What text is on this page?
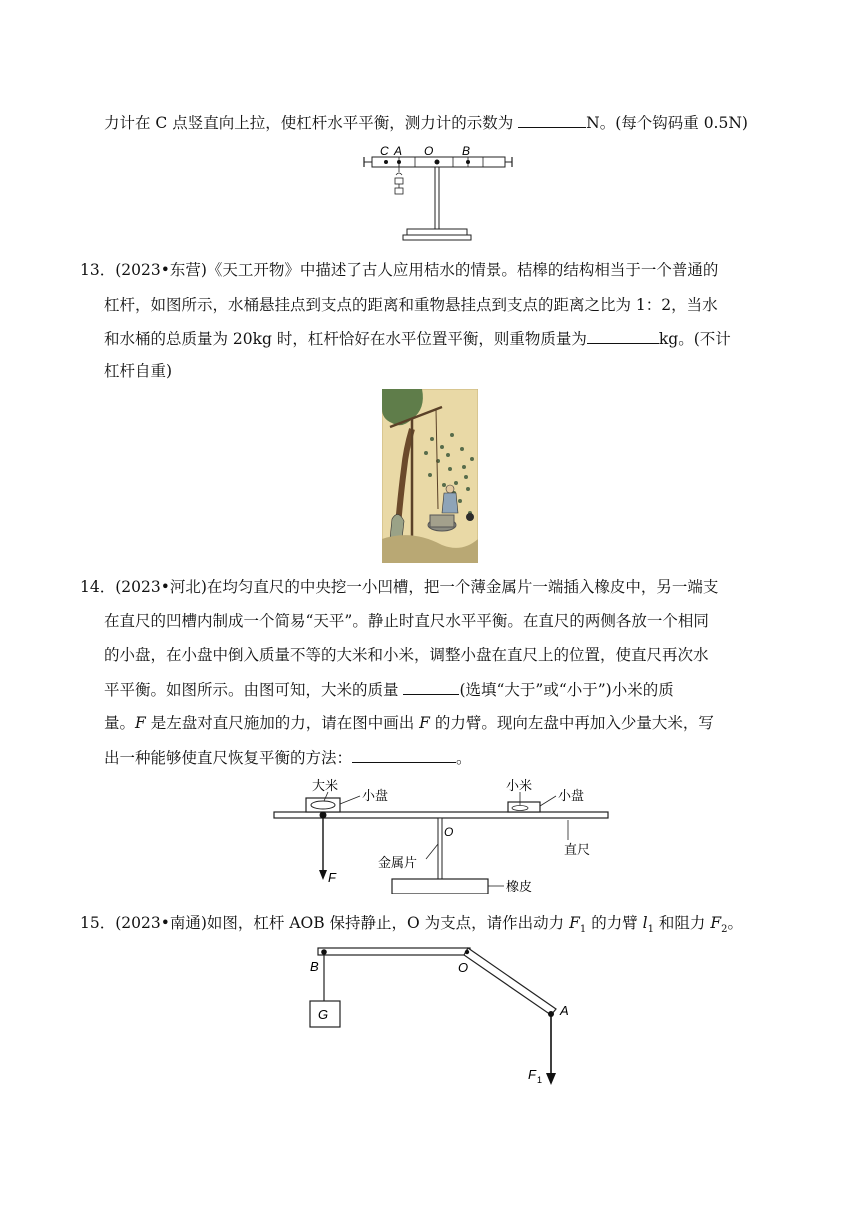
力计在 C 点竖直向上拉，使杠杆水平平衡，测力计的示数为	N。(每个钩码重 0.5N)
C A O B
13．(2023•东营)《天工开物》中描述了古人应用桔水的情景。桔槔的结构相当于一个普通的
杠杆，如图所示，水桶悬挂点到支点的距离和重物悬挂点到支点的距离之比为 1：2，当水
和水桶的总质量为 20kg 时，杠杆恰好在水平位置平衡，则重物质量为	kg。(不计
杠杆自重)
14．(2023•河北)在均匀直尺的中央挖一小凹槽，把一个薄金属片一端插入橡皮中，另一端支
在直尺的凹槽内制成一个简易“天平”。静止时直尺水平平衡。在直尺的两侧各放一个相同
的小盘，在小盘中倒入质量不等的大米和小米，调整小盘在直尺上的位置，使直尺再次水
平平衡。如图所示。由图可知，大米的质量	(选填“大于”或“小于”)小米的质
量。F 是左盘对直尺施加的力，请在图中画出 F 的力臂。现向左盘中再加入少量大米，写
出一种能够使直尺恢复平衡的方法：	。
F
大米
小盘
小米
小盘
O
直尺
金属片
橡皮
15．(2023•南通)如图，杠杆 AOB 保持静止，O 为支点，请作出动力 $F_1$ 的力臂 $l_1$ 和阻力 $F_2$。
B	O
A
G
F 1
